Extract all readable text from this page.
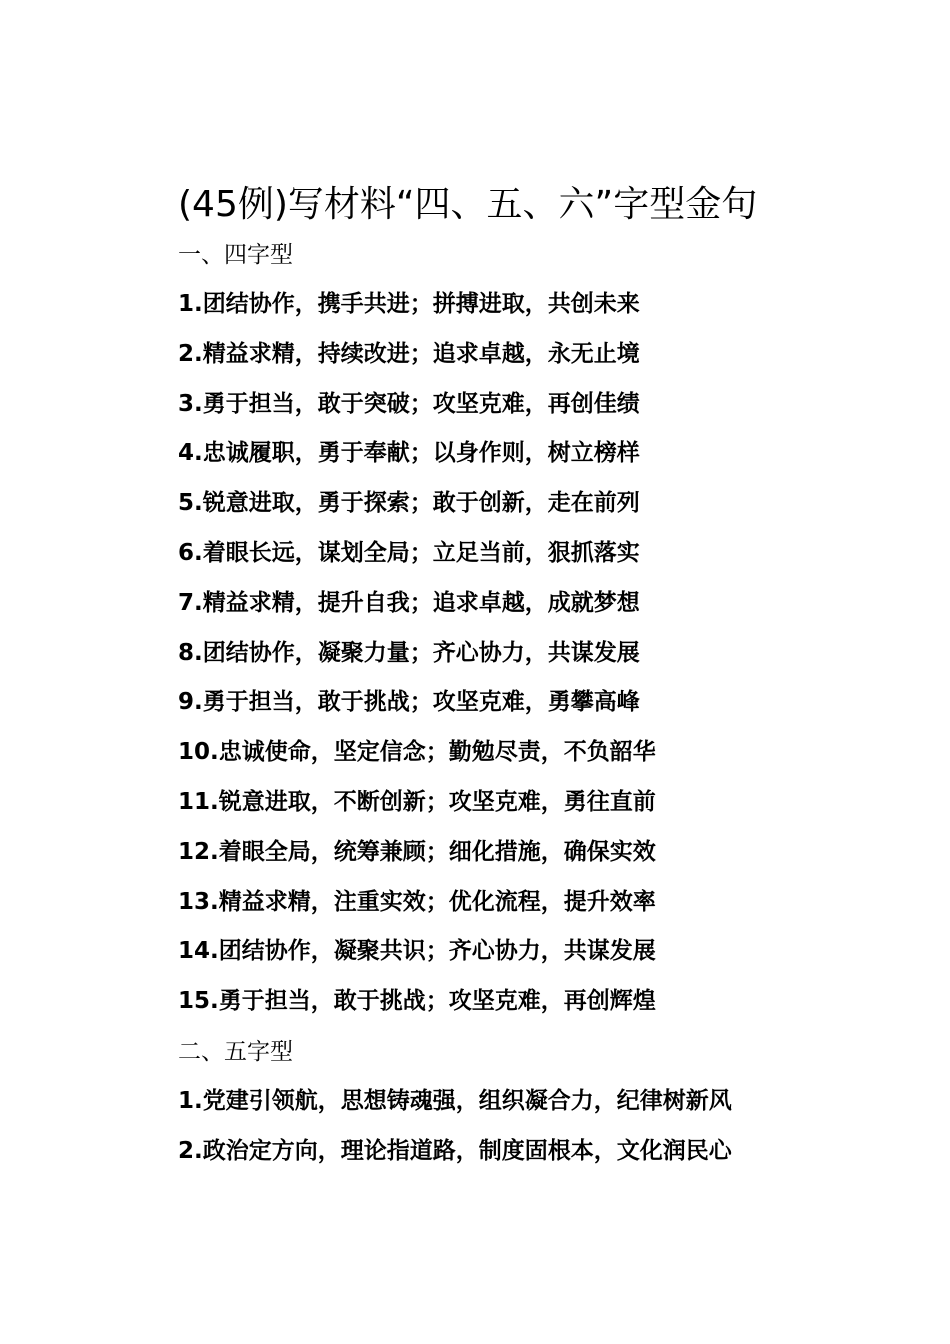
(45例)写材料“四、五、六”字型金句

一、四字型

1.团结协作，携手共进；拼搏进取，共创未来

2.精益求精，持续改进；追求卓越，永无止境

3.勇于担当，敢于突破；攻坚克难，再创佳绩

4.忠诚履职，勇于奉献；以身作则，树立榜样

5.锐意进取，勇于探索；敢于创新，走在前列

6.着眼长远，谋划全局；立足当前，狠抓落实

7.精益求精，提升自我；追求卓越，成就梦想

8.团结协作，凝聚力量；齐心协力，共谋发展

9.勇于担当，敢于挑战；攻坚克难，勇攀高峰

10.忠诚使命，坚定信念；勤勉尽责，不负韶华

11.锐意进取，不断创新；攻坚克难，勇往直前

12.着眼全局，统筹兼顾；细化措施，确保实效

13.精益求精，注重实效；优化流程，提升效率

14.团结协作，凝聚共识；齐心协力，共谋发展

15.勇于担当，敢于挑战；攻坚克难，再创辉煌

二、五字型

1.党建引领航，思想铸魂强，组织凝合力，纪律树新风

2.政治定方向，理论指道路，制度固根本，文化润民心
